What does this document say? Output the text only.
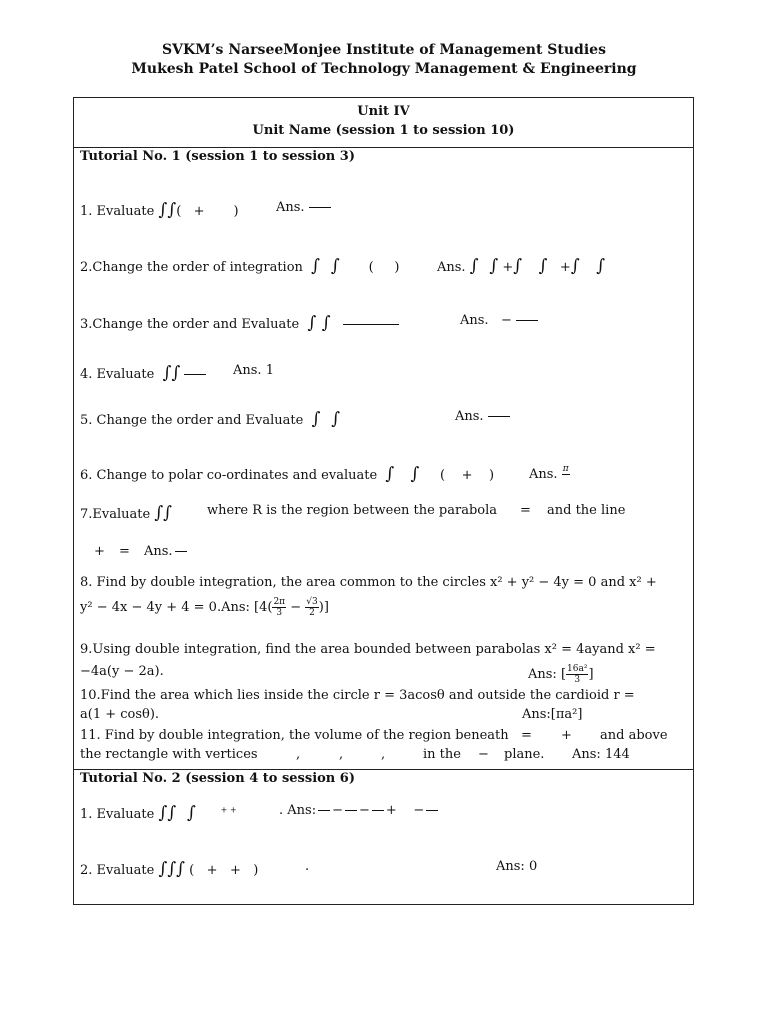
SVKM’s NarseeMonjee Institute of Management Studies
Mukesh Patel School of Technology Management & Engineering
Unit IV
Unit Name (session 1 to session 10)
Tutorial No. 1 (session 1 to session 3)
1. Evaluate ∫∫(   +       )	Ans.
2.Change the order of integration ∫  ∫       (     )	Ans. ∫  ∫ +∫ ∫   +∫ ∫
3.Change the order and Evaluate ∫ ∫	Ans.   −
4. Evaluate ∫∫	Ans. 1
5. Change the order and Evaluate ∫  ∫	Ans.
6. Change to polar co-ordinates and evaluate ∫   ∫     (    +    )	Ans. π

7.Evaluate ∫∫	where R is the region between the parabola = and the line
+ = Ans.
8. Find by double integration, the area common to the circles x² + y² − 4y = 0 and x² +
y² − 4x − 4y + 4 = 0.Ans: [$4( \frac{2\pi}{3} - \frac{√3}{2}$ )]
9.Using double integration, find the area bounded between parabolas x² = 4ayand x² =
−4a(y − 2a).	Ans: [ $\frac{\text{16a²}}{3}$ ]
10.Find the area which lies inside the circle r = 3acosθ and outside the cardioid r =
a(1 + cosθ).	Ans:[πa²]
11. Find by double integration, the volume of the region beneath = + and above
the rectangle with vertices	,	,	,	in the − plane. Ans: 144
Tutorial No. 2 (session 4 to session 6)
1. Evaluate ∫∫  ∫	+ +	. Ans: − − +    −
2. Evaluate ∫∫∫ (   +   +   )	.	Ans: 0
